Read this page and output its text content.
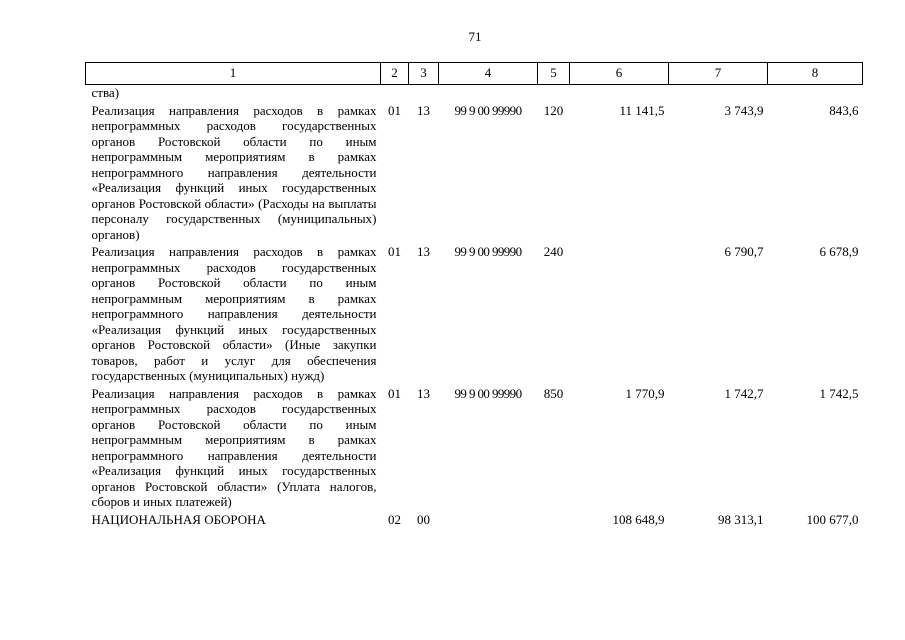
71
1	2	3	4	5	6	7	8
ства)							
Реализация направления расходов в рамках непрограммных расходов государственных органов Ростовской области по иным непрограммным мероприятиям в рамках непрограммного направления деятельности «Реализация функций иных государственных органов Ростовской области» (Расходы на выплаты персоналу государственных (муниципальных) органов)	01	13	99 9 00 99990	120	11 141,5	3 743,9	843,6
Реализация направления расходов в рамках непрограммных расходов государственных органов Ростовской области по иным непрограммным мероприятиям в рамках непрограммного направления деятельности «Реализация функций иных государственных органов Ростовской области» (Иные закупки товаров, работ и услуг для обеспечения государственных (муниципальных) нужд)	01	13	99 9 00 99990	240		6 790,7	6 678,9
Реализация направления расходов в рамках непрограммных расходов государственных органов Ростовской области по иным непрограммным мероприятиям в рамках непрограммного направления деятельности «Реализация функций иных государственных органов Ростовской области» (Уплата налогов, сборов и иных платежей)	01	13	99 9 00 99990	850	1 770,9	1 742,7	1 742,5
НАЦИОНАЛЬНАЯ ОБОРОНА	02	00			108 648,9	98 313,1	100 677,0
